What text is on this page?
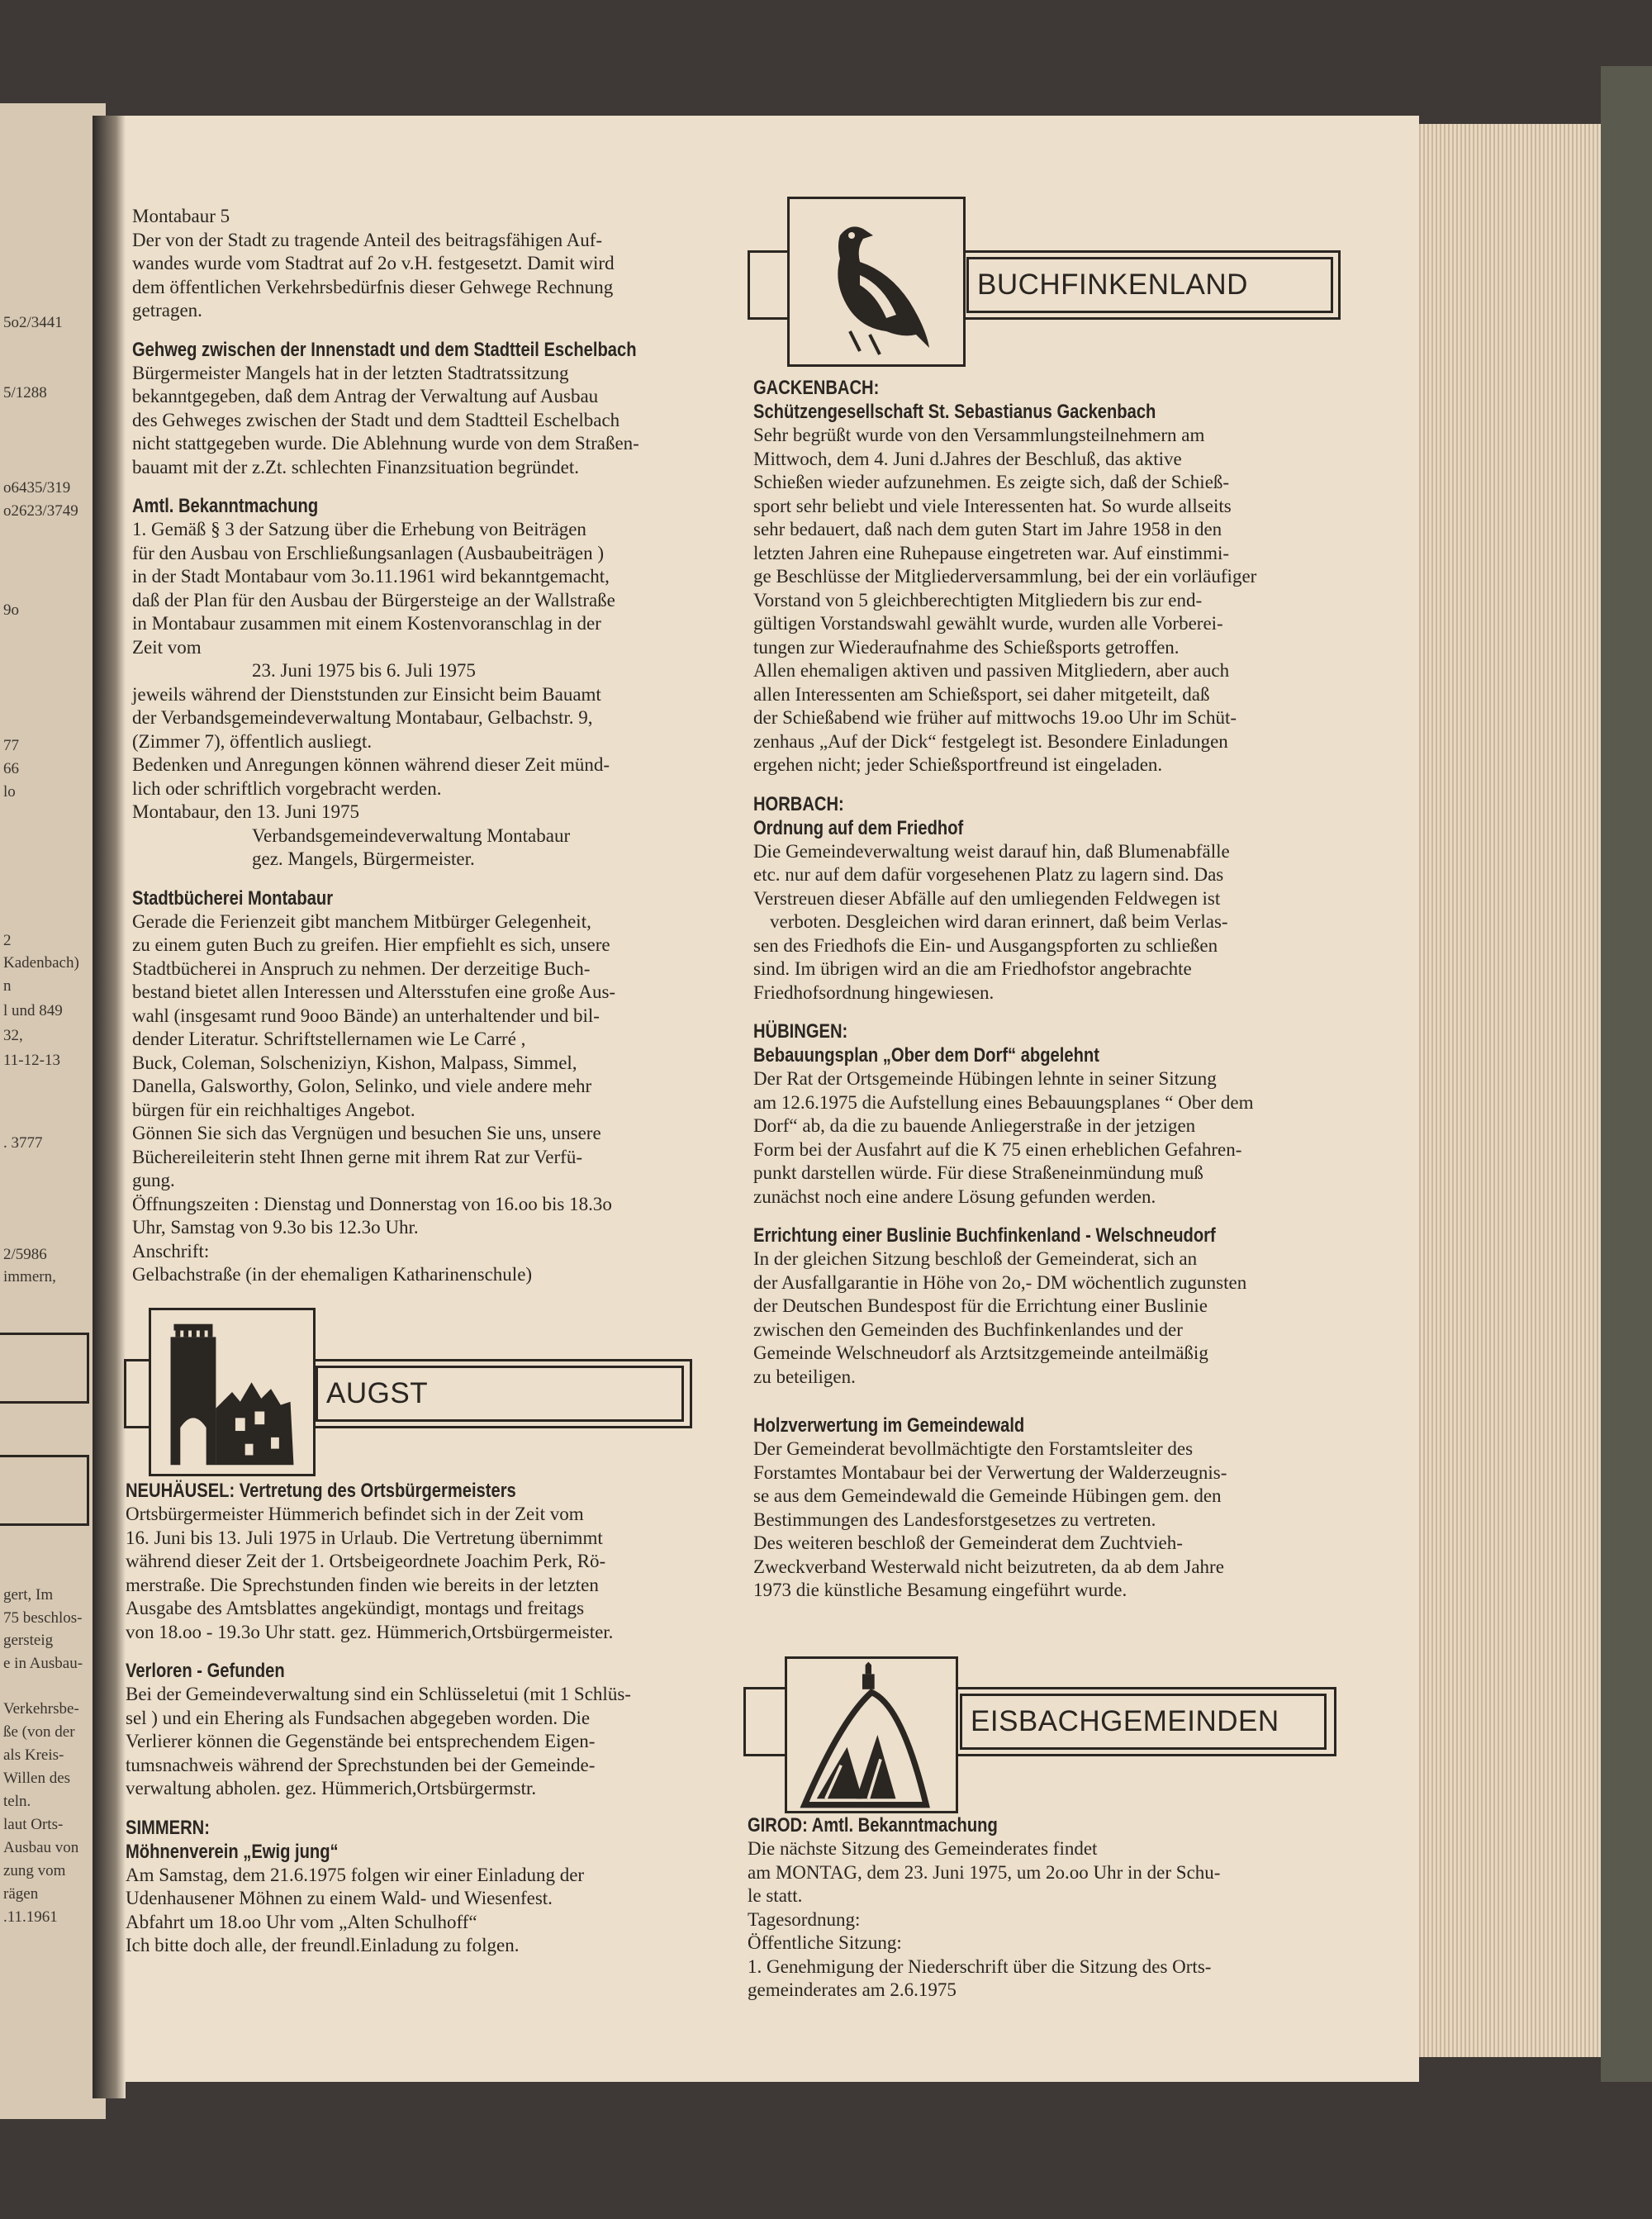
5o2/3441
5/1288
o6435/319
o2623/3749
9o
77
66
lo
2
Kadenbach)
n
l und 849
32,
11-12-13
. 3777
2/5986
immern,
gert, Im
75 beschlos-
gersteig
e in Ausbau-
Verkehrsbe-
ße (von der
als Kreis-
Willen des
teln.
laut Orts-
Ausbau von
zung vom
rägen
.11.1961
Montabaur 5
Der von der Stadt zu tragende Anteil des beitragsfähigen Auf-
wandes wurde vom Stadtrat auf 2o v.H. festgesetzt. Damit wird
dem öffentlichen Verkehrsbedürfnis dieser Gehwege Rechnung
getragen.
Gehweg zwischen der Innenstadt und dem Stadtteil Eschelbach
Bürgermeister Mangels hat in der letzten Stadtratssitzung
bekanntgegeben, daß dem Antrag der Verwaltung auf Ausbau
des Gehweges zwischen der Stadt und dem Stadtteil Eschelbach
nicht stattgegeben wurde. Die Ablehnung wurde von dem Straßen-
bauamt mit der z.Zt. schlechten Finanzsituation begründet.
Amtl. Bekanntmachung
1. Gemäß § 3 der Satzung über die Erhebung von Beiträgen
für den Ausbau von Erschließungsanlagen (Ausbaubeiträgen )
in der Stadt Montabaur vom 3o.11.1961 wird bekanntgemacht,
daß der Plan für den Ausbau der Bürgersteige an der Wallstraße
in Montabaur zusammen mit einem Kostenvoranschlag in der
Zeit vom
23. Juni 1975 bis 6. Juli 1975
jeweils während der Dienststunden zur Einsicht beim Bauamt
der Verbandsgemeindeverwaltung Montabaur, Gelbachstr. 9,
(Zimmer 7), öffentlich ausliegt.
Bedenken und Anregungen können während dieser Zeit münd-
lich oder schriftlich vorgebracht werden.
Montabaur, den 13. Juni 1975
Verbandsgemeindeverwaltung Montabaur
gez. Mangels, Bürgermeister.
Stadtbücherei Montabaur
Gerade die Ferienzeit gibt manchem Mitbürger Gelegenheit,
zu einem guten Buch zu greifen. Hier empfiehlt es sich, unsere
Stadtbücherei in Anspruch zu nehmen. Der derzeitige Buch-
bestand bietet allen Interessen und Altersstufen eine große Aus-
wahl (insgesamt rund 9ooo Bände) an unterhaltender und bil-
dender Literatur. Schriftstellernamen wie Le Carré ,
Buck, Coleman, Solscheniziyn, Kishon, Malpass, Simmel,
Danella, Galsworthy, Golon, Selinko, und viele andere mehr
bürgen für ein reichhaltiges Angebot.
Gönnen Sie sich das Vergnügen und besuchen Sie uns, unsere
Büchereileiterin steht Ihnen gerne mit ihrem Rat zur Verfü-
gung.
Öffnungszeiten : Dienstag und Donnerstag von 16.oo bis 18.3o
Uhr, Samstag von 9.3o bis 12.3o Uhr.
Anschrift:
Gelbachstraße (in der ehemaligen Katharinenschule)
AUGST
NEUHÄUSEL: Vertretung des Ortsbürgermeisters
Ortsbürgermeister Hümmerich befindet sich in der Zeit vom
16. Juni bis 13. Juli 1975 in Urlaub. Die Vertretung übernimmt
während dieser Zeit der 1. Ortsbeigeordnete Joachim Perk, Rö-
merstraße. Die Sprechstunden finden wie bereits in der letzten
Ausgabe des Amtsblattes angekündigt, montags und freitags
von 18.oo - 19.3o Uhr statt. gez. Hümmerich,Ortsbürgermeister.
Verloren - Gefunden
Bei der Gemeindeverwaltung sind ein Schlüsseletui (mit 1 Schlüs-
sel ) und ein Ehering als Fundsachen abgegeben worden. Die
Verlierer können die Gegenstände bei entsprechendem Eigen-
tumsnachweis während der Sprechstunden bei der Gemeinde-
verwaltung abholen. gez. Hümmerich,Ortsbürgermstr.
SIMMERN:
Möhnenverein „Ewig jung“
Am Samstag, dem 21.6.1975 folgen wir einer Einladung der
Udenhausener Möhnen zu einem Wald- und Wiesenfest.
Abfahrt um 18.oo Uhr vom „Alten Schulhoff“
Ich bitte doch alle, der freundl.Einladung zu folgen.
BUCHFINKENLAND
GACKENBACH:
Schützengesellschaft St. Sebastianus Gackenbach
Sehr begrüßt wurde von den Versammlungsteilnehmern am
Mittwoch, dem 4. Juni d.Jahres der Beschluß, das aktive
Schießen wieder aufzunehmen. Es zeigte sich, daß der Schieß-
sport sehr beliebt und viele Interessenten hat. So wurde allseits
sehr bedauert, daß nach dem guten Start im Jahre 1958 in den
letzten Jahren eine Ruhepause eingetreten war. Auf einstimmi-
ge Beschlüsse der Mitgliederversammlung, bei der ein vorläufiger
Vorstand von 5 gleichberechtigten Mitgliedern bis zur end-
gültigen Vorstandswahl gewählt wurde, wurden alle Vorberei-
tungen zur Wiederaufnahme des Schießsports getroffen.
Allen ehemaligen aktiven und passiven Mitgliedern, aber auch
allen Interessenten am Schießsport, sei daher mitgeteilt, daß
der Schießabend wie früher auf mittwochs 19.oo Uhr im Schüt-
zenhaus „Auf der Dick“ festgelegt ist. Besondere Einladungen
ergehen nicht; jeder Schießsportfreund ist eingeladen.
HORBACH:
Ordnung auf dem Friedhof
Die Gemeindeverwaltung weist darauf hin, daß Blumenabfälle
etc. nur auf dem dafür vorgesehenen Platz zu lagern sind. Das
Verstreuen dieser Abfälle auf den umliegenden Feldwegen ist
verboten. Desgleichen wird daran erinnert, daß beim Verlas-
sen des Friedhofs die Ein- und Ausgangspforten zu schließen
sind. Im übrigen wird an die am Friedhofstor angebrachte
Friedhofsordnung hingewiesen.
HÜBINGEN:
Bebauungsplan „Ober dem Dorf“ abgelehnt
Der Rat der Ortsgemeinde Hübingen lehnte in seiner Sitzung
am 12.6.1975 die Aufstellung eines Bebauungsplanes “ Ober dem
Dorf“ ab, da die zu bauende Anliegerstraße in der jetzigen
Form bei der Ausfahrt auf die K 75 einen erheblichen Gefahren-
punkt darstellen würde. Für diese Straßeneinmündung muß
zunächst noch eine andere Lösung gefunden werden.
Errichtung einer Buslinie Buchfinkenland - Welschneudorf
In der gleichen Sitzung beschloß der Gemeinderat, sich an
der Ausfallgarantie in Höhe von 2o,- DM wöchentlich zugunsten
der Deutschen Bundespost für die Errichtung einer Buslinie
zwischen den Gemeinden des Buchfinkenlandes und der
Gemeinde Welschneudorf als Arztsitzgemeinde anteilmäßig
zu beteiligen.
Holzverwertung im Gemeindewald
Der Gemeinderat bevollmächtigte den Forstamtsleiter des
Forstamtes Montabaur bei der Verwertung der Walderzeugnis-
se aus dem Gemeindewald die Gemeinde Hübingen gem. den
Bestimmungen des Landesforstgesetzes zu vertreten.
Des weiteren beschloß der Gemeinderat dem Zuchtvieh-
Zweckverband Westerwald nicht beizutreten, da ab dem Jahre
1973 die künstliche Besamung eingeführt wurde.
EISBACHGEMEINDEN
GIROD: Amtl. Bekanntmachung
Die nächste Sitzung des Gemeinderates findet
am MONTAG, dem 23. Juni 1975, um 2o.oo Uhr in der Schu-
le statt.
Tagesordnung:
Öffentliche Sitzung:
1. Genehmigung der Niederschrift über die Sitzung des Orts-
gemeinderates am 2.6.1975
